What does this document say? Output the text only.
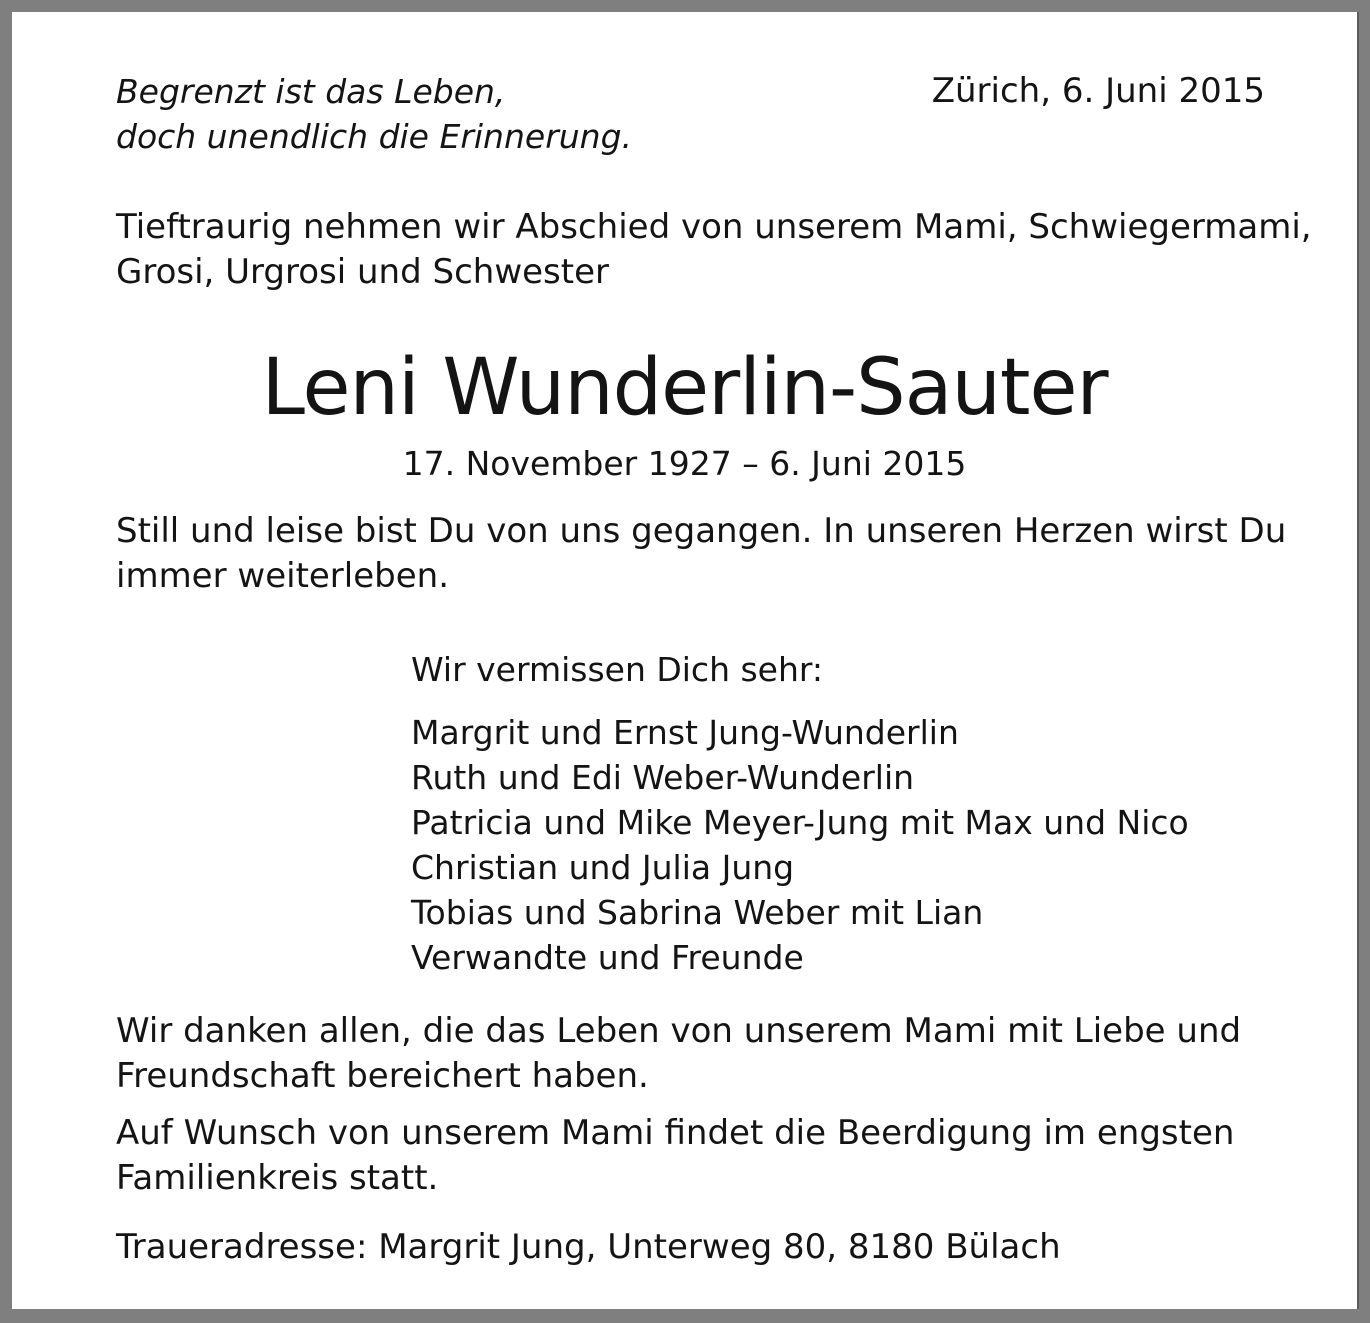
Begrenzt ist das Leben,
doch unendlich die Erinnerung.
Zürich, 6. Juni 2015
Tieftraurig nehmen wir Abschied von unserem Mami, Schwiegermami,
Grosi, Urgrosi und Schwester
Leni Wunderlin-Sauter
17. November 1927 – 6. Juni 2015
Still und leise bist Du von uns gegangen. In unseren Herzen wirst Du
immer weiterleben.
Wir vermissen Dich sehr:
Margrit und Ernst Jung-Wunderlin
Ruth und Edi Weber-Wunderlin
Patricia und Mike Meyer-Jung mit Max und Nico
Christian und Julia Jung
Tobias und Sabrina Weber mit Lian
Verwandte und Freunde
Wir danken allen, die das Leben von unserem Mami mit Liebe und
Freundschaft bereichert haben.
Auf Wunsch von unserem Mami findet die Beerdigung im engsten
Familienkreis statt.
Traueradresse: Margrit Jung, Unterweg 80, 8180 Bülach
